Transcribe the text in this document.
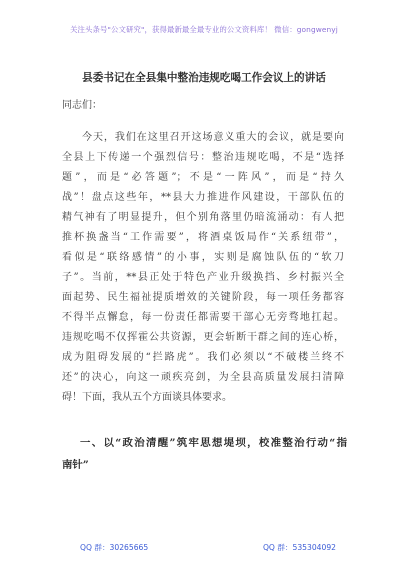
关注头条号"公文研究"，获得最新最全最专业的公文资料库！ 微信：gongwenyj
县委书记在全县集中整治违规吃喝工作会议上的讲话
同志们：
今天，我们在这里召开这场意义重大的会议，就是要向
全县上下传递一个强烈信号：整治违规吃喝，不是“选择
题”，而是“必答题”；不是“一阵风”，而是“持久
战”！盘点这些年，**县大力推进作风建设，干部队伍的
精气神有了明显提升，但个别角落里仍暗流涌动：有人把
推杯换盏当“工作需要”，将酒桌饭局作“关系纽带”，
看似是“联络感情”的小事，实则是腐蚀队伍的“软刀
子”。当前，**县正处于特色产业升级换挡、乡村振兴全
面起势、民生福祉提质增效的关键阶段，每一项任务都容
不得半点懈怠，每一份责任都需要干部心无旁骛地扛起。
违规吃喝不仅挥霍公共资源，更会斩断干群之间的连心桥，
成为阻碍发展的“拦路虎”。我们必须以“不破楼兰终不
还”的决心，向这一顽疾亮剑，为全县高质量发展扫清障
碍！下面，我从五个方面谈具体要求。
一、以“政治清醒”筑牢思想堤坝，校准整治行动“指
南针”
QQ 群：30265665	QQ 群：535304092
